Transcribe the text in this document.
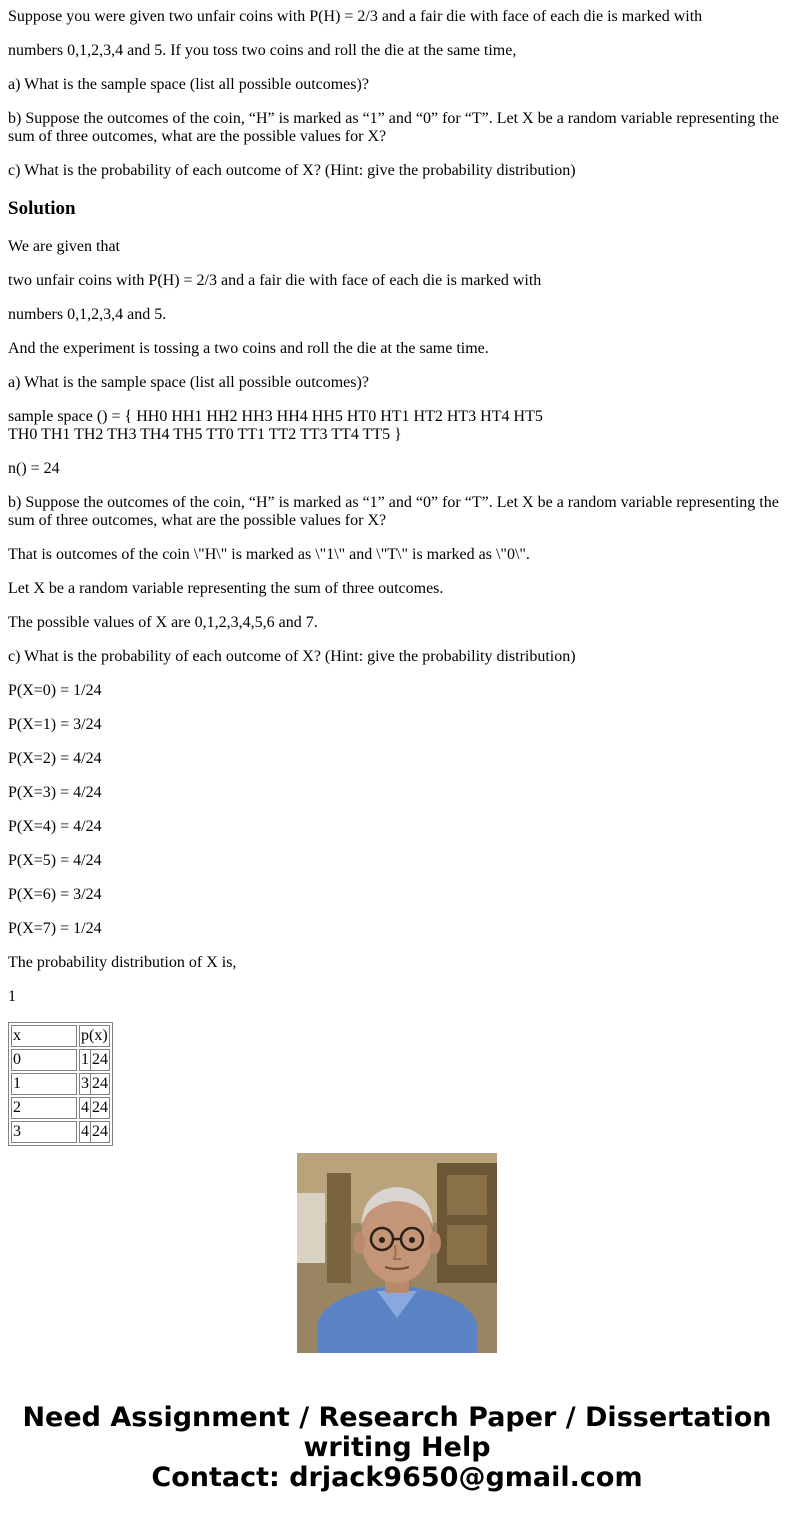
Suppose you were given two unfair coins with P(H) = 2/3 and a fair die with face of each die is marked with

numbers 0,1,2,3,4 and 5. If you toss two coins and roll the die at the same time,

a) What is the sample space (list all possible outcomes)?

b) Suppose the outcomes of the coin, “H” is marked as “1” and “0” for “T”. Let X be a random variable representing the sum of three outcomes, what are the possible values for X?

c) What is the probability of each outcome of X? (Hint: give the probability distribution)

Solution

We are given that

two unfair coins with P(H) = 2/3 and a fair die with face of each die is marked with

numbers 0,1,2,3,4 and 5.

And the experiment is tossing a two coins and roll the die at the same time.

a) What is the sample space (list all possible outcomes)?

sample space () = { HH0 HH1 HH2 HH3 HH4 HH5 HT0 HT1 HT2 HT3 HT4 HT5
TH0 TH1 TH2 TH3 TH4 TH5 TT0 TT1 TT2 TT3 TT4 TT5 }

n() = 24

b) Suppose the outcomes of the coin, “H” is marked as “1” and “0” for “T”. Let X be a random variable representing the sum of three outcomes, what are the possible values for X?

That is outcomes of the coin \"H\" is marked as \"1\" and \"T\" is marked as \"0\".

Let X be a random variable representing the sum of three outcomes.

The possible values of X are 0,1,2,3,4,5,6 and 7.

c) What is the probability of each outcome of X? (Hint: give the probability distribution)

P(X=0) = 1/24

P(X=1) = 3/24

P(X=2) = 4/24

P(X=3) = 4/24

P(X=4) = 4/24

P(X=5) = 4/24

P(X=6) = 3/24

P(X=7) = 1/24

The probability distribution of X is,

1

x	p(x)
0		1	24

1		3	24

2		4	24

3		4	24
Need Assignment / Research Paper / Dissertation
writing Help
Contact: drjack9650@gmail.com
